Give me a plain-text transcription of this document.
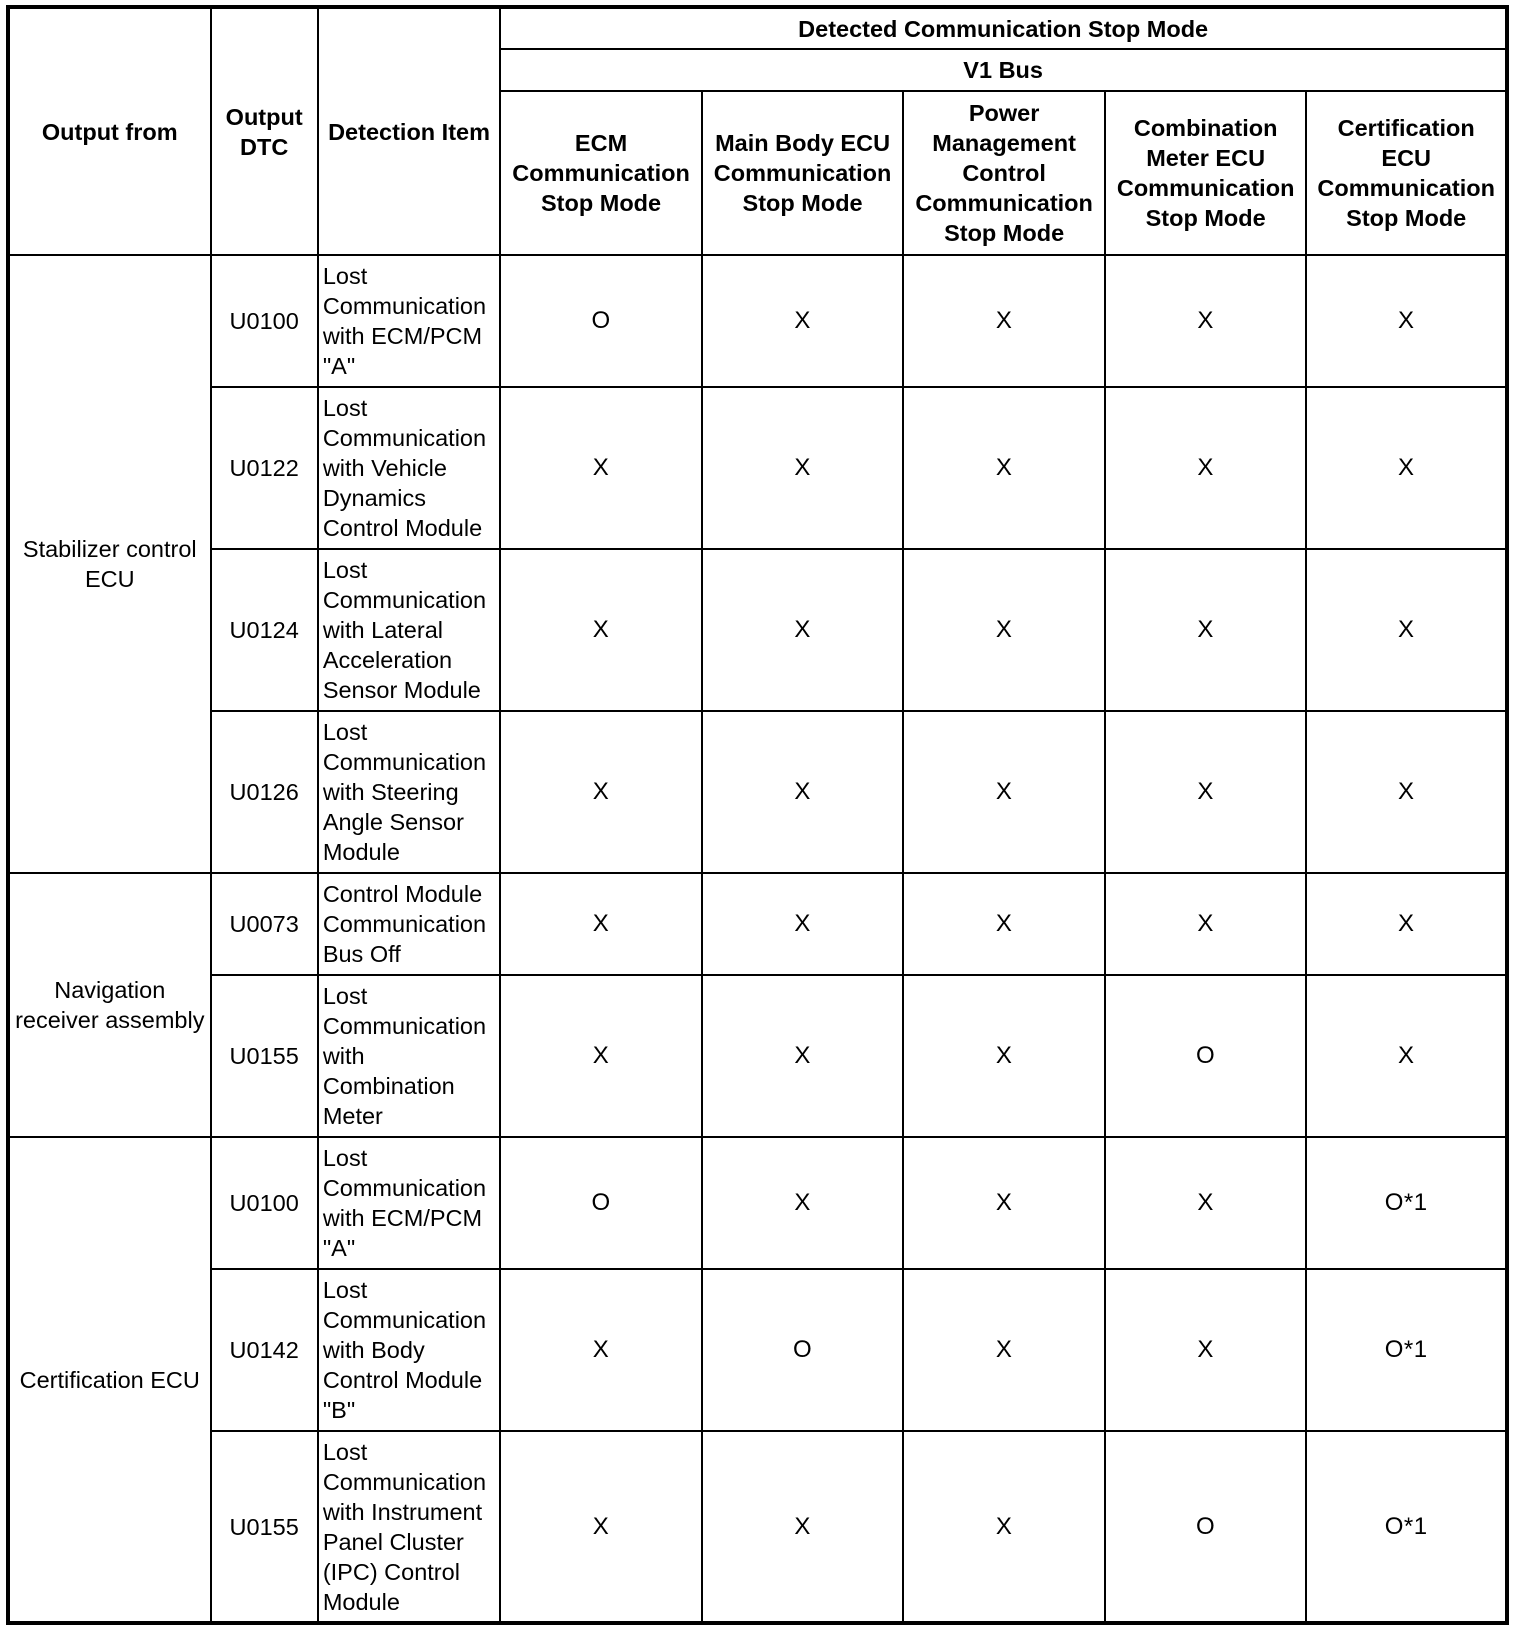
Output from	Output DTC	Detection Item	Detected Communication Stop Mode				
			V1 Bus				
			ECM Communication Stop Mode	Main Body ECU Communication Stop Mode	Power Management Control Communication Stop Mode	Combination Meter ECU Communication Stop Mode	Certification ECU Communication Stop Mode
Stabilizer control ECU	U0100	Lost Communication with ECM/PCM "A"	O	X	X	X	X
	U0122	Lost Communication with Vehicle Dynamics Control Module	X	X	X	X	X
	U0124	Lost Communication with Lateral Acceleration Sensor Module	X	X	X	X	X
	U0126	Lost Communication with Steering Angle Sensor Module	X	X	X	X	X
Navigation receiver assembly	U0073	Control Module Communication Bus Off	X	X	X	X	X
	U0155	Lost Communication with Combination Meter	X	X	X	O	X
Certification ECU	U0100	Lost Communication with ECM/PCM "A"	O	X	X	X	O*1
	U0142	Lost Communication with Body Control Module "B"	X	O	X	X	O*1
	U0155	Lost Communication with Instrument Panel Cluster (IPC) Control Module	X	X	X	O	O*1
